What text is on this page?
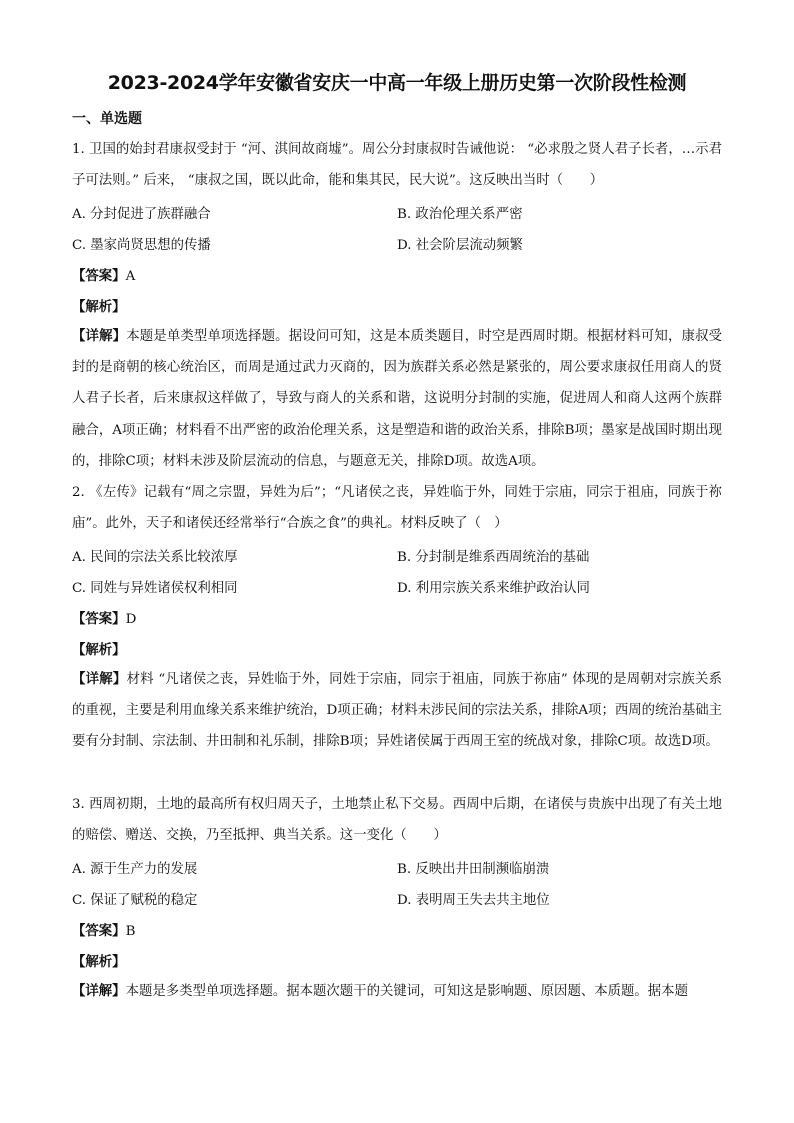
2023-2024学年安徽省安庆一中高一年级上册历史第一次阶段性检测
一、单选题
1. 卫国的始封君康叔受封于 “河、淇间故商墟”。周公分封康叔时告诫他说： “必求殷之贤人君子长者，…示君子可法则。” 后来， “康叔之国，既以此命，能和集其民，民大说”。这反映出当时（　　）
A. 分封促进了族群融合	B. 政治伦理关系严密
C. 墨家尚贤思想的传播	D. 社会阶层流动频繁
【答案】A
【解析】
【详解】本题是单类型单项选择题。据设问可知，这是本质类题目，时空是西周时期。根据材料可知，康叔受封的是商朝的核心统治区，而周是通过武力灭商的，因为族群关系必然是紧张的，周公要求康叔任用商人的贤人君子长者，后来康叔这样做了，导致与商人的关系和谐，这说明分封制的实施，促进周人和商人这两个族群融合，A项正确；材料看不出严密的政治伦理关系，这是塑造和谐的政治关系，排除B项；墨家是战国时期出现的，排除C项；材料未涉及阶层流动的信息，与题意无关，排除D项。故选A项。
2. 《左传》记载有“周之宗盟，异姓为后”；“凡诸侯之丧，异姓临于外，同姓于宗庙，同宗于祖庙，同族于祢庙”。此外，天子和诸侯还经常举行“合族之食”的典礼。材料反映了（　）
A. 民间的宗法关系比较浓厚	B. 分封制是维系西周统治的基础
C. 同姓与异姓诸侯权利相同	D. 利用宗族关系来维护政治认同
【答案】D
【解析】
【详解】材料 “凡诸侯之丧，异姓临于外，同姓于宗庙，同宗于祖庙，同族于祢庙” 体现的是周朝对宗族关系的重视，主要是利用血缘关系来维护统治，D项正确；材料未涉民间的宗法关系，排除A项；西周的统治基础主要有分封制、宗法制、井田制和礼乐制，排除B项；异姓诸侯属于西周王室的统战对象，排除C项。故选D项。
3. 西周初期，土地的最高所有权归周天子，土地禁止私下交易。西周中后期，在诸侯与贵族中出现了有关土地的赔偿、赠送、交换，乃至抵押、典当关系。这一变化（　　）
A. 源于生产力的发展	B. 反映出井田制濒临崩溃
C. 保证了赋税的稳定	D. 表明周王失去共主地位
【答案】B
【解析】
【详解】本题是多类型单项选择题。据本题次题干的关键词，可知这是影响题、原因题、本质题。据本题
